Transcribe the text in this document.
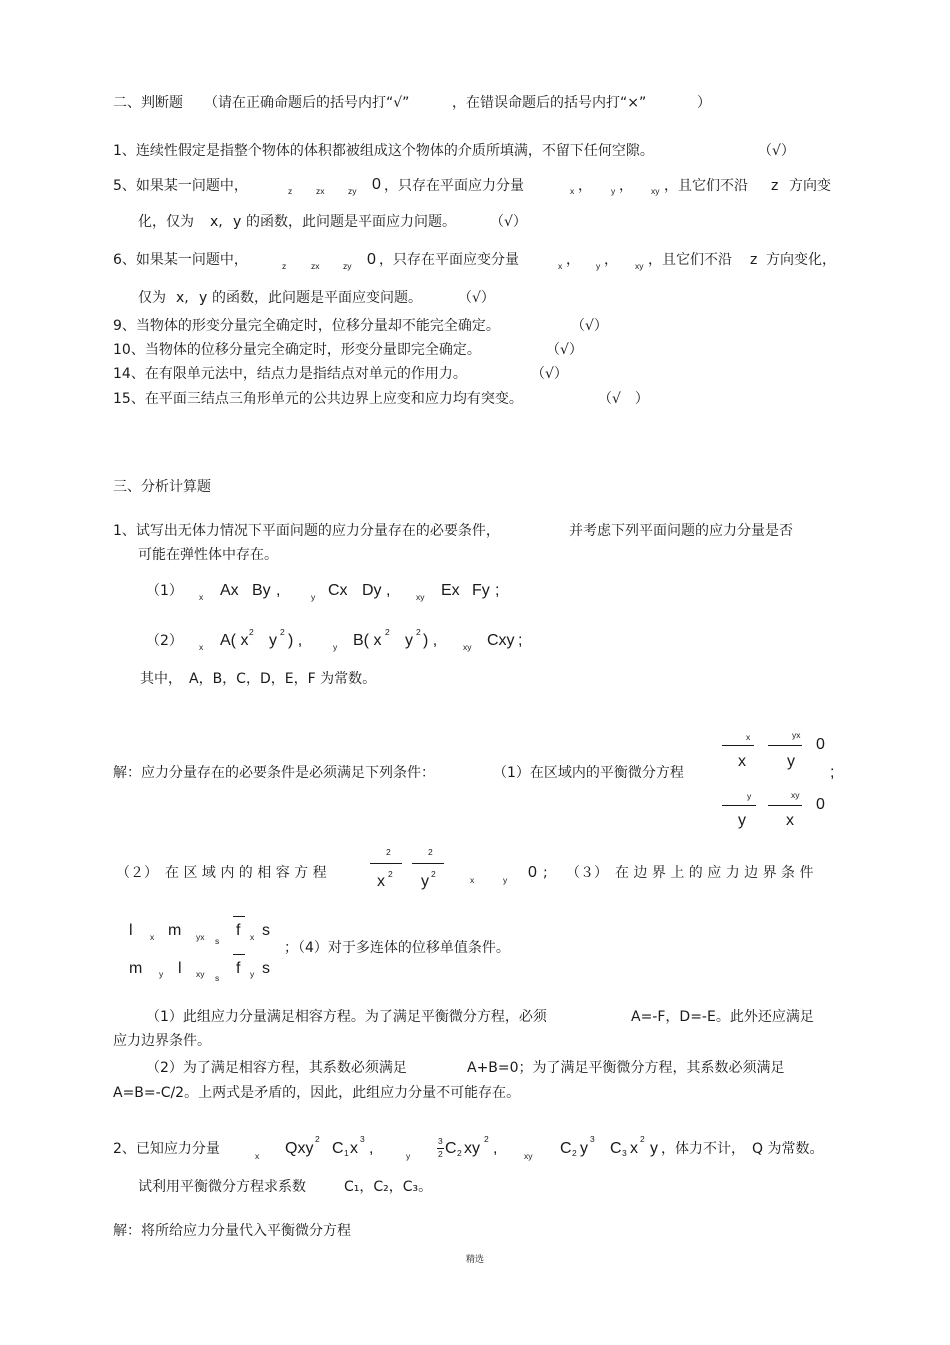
二、判断题 （请在正确命题后的括号内打“√”	，在错误命题后的括号内打“×”	）
1、连续性假定是指整个物体的体积都被组成这个物体的介质所填满，不留下任何空隙。	（√）
5、如果某一问题中，	z	zx	zy 0 ，只存在平面应力分量	x ， y ， xy ，且它们不沿 z 方向变
化，仅为 x, y 的函数，此问题是平面应力问题。 （√）
6、如果某一问题中，	z	zx	zy 0 ，只存在平面应变分量	x ， y ， xy ，且它们不沿 z 方向变化，
仅为 x, y 的函数，此问题是平面应变问题。	（√）
9、当物体的形变分量完全确定时，位移分量却不能完全确定。	（√）
10、当物体的位移分量完全确定时，形变分量即完全确定。	（√）
14、在有限单元法中，结点力是指结点对单元的作用力。	（√）
15、在平面三结点三角形单元的公共边界上应变和应力均有突变。	（√　）
三、分析计算题
1、试写出无体力情况下平面问题的应力分量存在的必要条件，	并考虑下列平面问题的应力分量是否
可能在弹性体中存在。
（1） x Ax By ,	y Cx Dy ,	xy Ex Fy ;
（2） x A( x 2 y 2 ) ,	y B( x 2 y 2 ) ,	xy Cxy ;
其中，　A，B，C，D，E，F 为常数。
解：应力分量存在的必要条件是必须满足下列条件：	（1）在区域内的平衡微分方程
x
x
yx
y
0
;
y
y
xy
x
0
（２）　在 区 域 内 的 相 容 方 程
2
x 2
2
y 2
x	y 0 ; （３）　在 边 界 上 的 应 力 边 界 条 件
l x m yx s
f x s
m y l xy s
f y s
；（4）对于多连体的位移单值条件。
（1）此组应力分量满足相容方程。为了满足平衡微分方程，必须	A=-F，D=-E。此外还应满足
应力边界条件。
（2）为了满足相容方程，其系数必须满足	A+B=0；为了满足平衡微分方程，其系数必须满足
A=B=-C/2。上两式是矛盾的，因此，此组应力分量不可能存在。
2、已知应力分量	x Qxy
2
C 1 x
3
,	y
3
2 C 2 xy
2
,	xy C 2 y
3
C 3 x
2
y ，体力不计，　Q 为常数。
试利用平衡微分方程求系数	C₁，C₂，C₃。
解：将所给应力分量代入平衡微分方程
精选
